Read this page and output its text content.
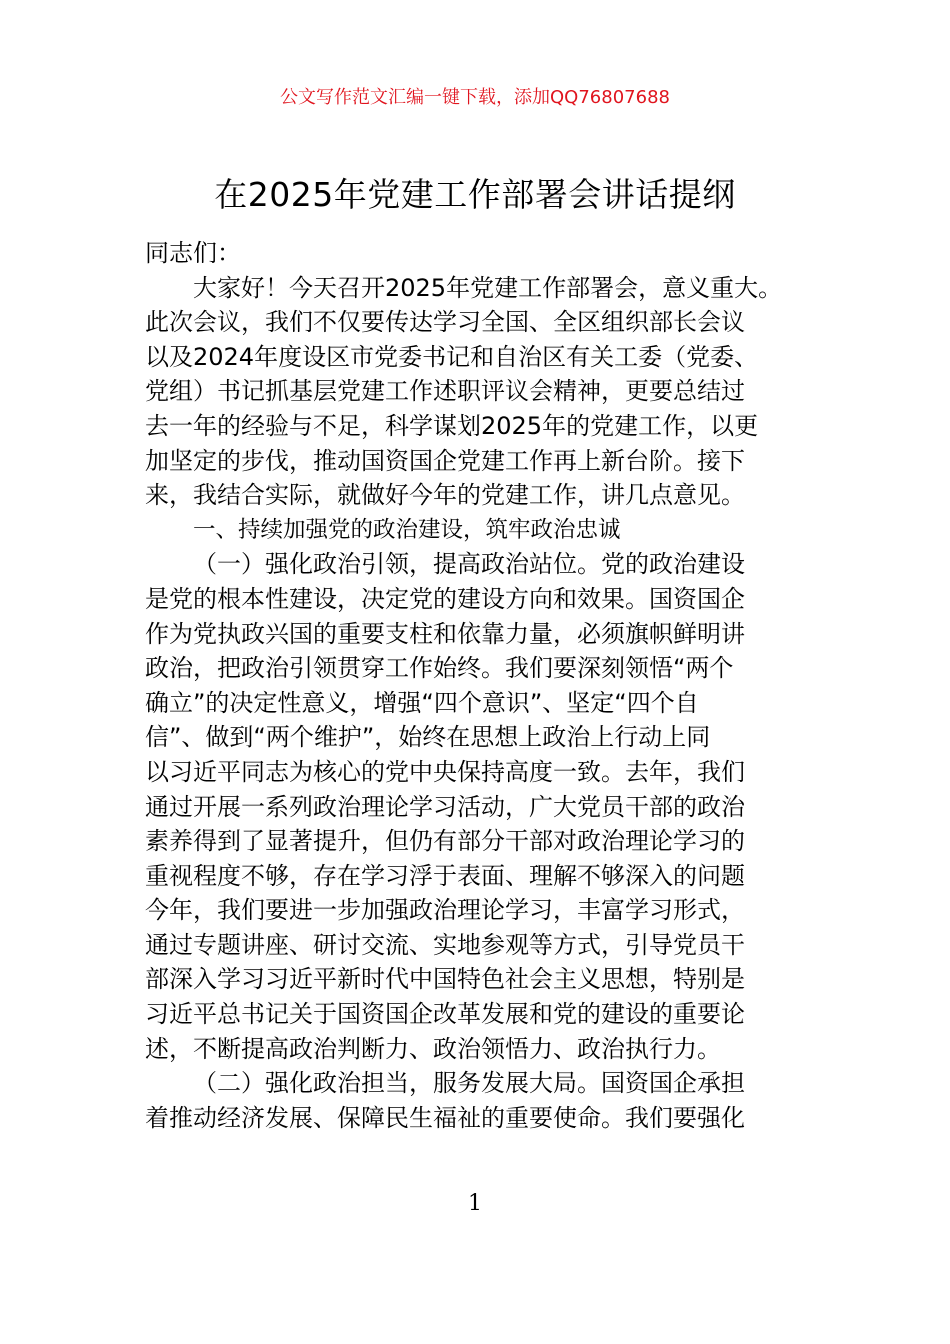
公文写作范文汇编一键下载，添加QQ76807688
在2025年党建工作部署会讲话提纲
同志们：
大家好！今天召开2025年党建工作部署会，意义重大。
此次会议，我们不仅要传达学习全国、全区组织部长会议
以及2024年度设区市党委书记和自治区有关工委（党委、
党组）书记抓基层党建工作述职评议会精神，更要总结过
去一年的经验与不足，科学谋划2025年的党建工作，以更
加坚定的步伐，推动国资国企党建工作再上新台阶。接下
来，我结合实际，就做好今年的党建工作，讲几点意见。
一、持续加强党的政治建设，筑牢政治忠诚
（一）强化政治引领，提高政治站位。党的政治建设
是党的根本性建设，决定党的建设方向和效果。国资国企
作为党执政兴国的重要支柱和依靠力量，必须旗帜鲜明讲
政治，把政治引领贯穿工作始终。我们要深刻领悟“两个
确立”的决定性意义，增强“四个意识”、坚定“四个自
信”、做到“两个维护”，始终在思想上政治上行动上同
以习近平同志为核心的党中央保持高度一致。去年，我们
通过开展一系列政治理论学习活动，广大党员干部的政治
素养得到了显著提升，但仍有部分干部对政治理论学习的
重视程度不够，存在学习浮于表面、理解不够深入的问题
今年，我们要进一步加强政治理论学习，丰富学习形式，
通过专题讲座、研讨交流、实地参观等方式，引导党员干
部深入学习习近平新时代中国特色社会主义思想，特别是
习近平总书记关于国资国企改革发展和党的建设的重要论
述，不断提高政治判断力、政治领悟力、政治执行力。
（二）强化政治担当，服务发展大局。国资国企承担
着推动经济发展、保障民生福祉的重要使命。我们要强化
1
